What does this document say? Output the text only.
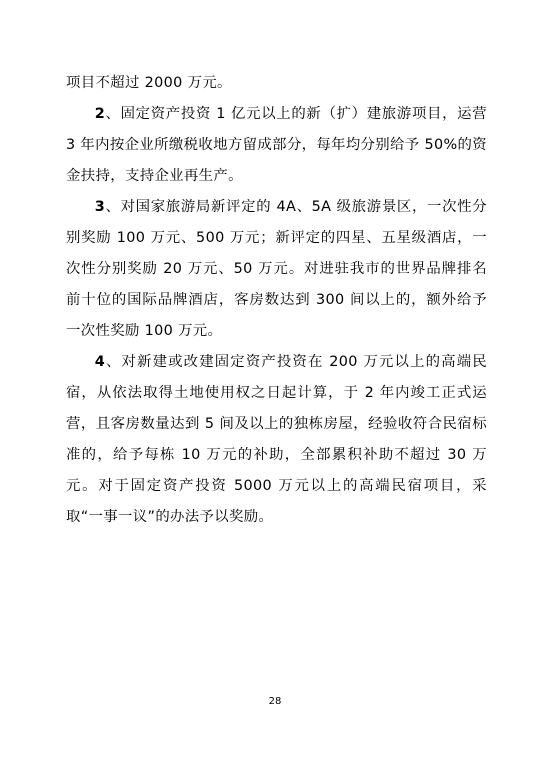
项目不超过 2000 万元。

2、固定资产投资 1 亿元以上的新（扩）建旅游项目，运营 3 年内按企业所缴税收地方留成部分，每年均分别给予 50%的资金扶持，支持企业再生产。

3、对国家旅游局新评定的 4A、5A 级旅游景区，一次性分别奖励 100 万元、500 万元；新评定的四星、五星级酒店，一次性分别奖励 20 万元、50 万元。对进驻我市的世界品牌排名前十位的国际品牌酒店，客房数达到 300 间以上的，额外给予一次性奖励 100 万元。

4、对新建或改建固定资产投资在 200 万元以上的高端民宿，从依法取得土地使用权之日起计算，于 2 年内竣工正式运营，且客房数量达到 5 间及以上的独栋房屋，经验收符合民宿标准的，给予每栋 10 万元的补助，全部累积补助不超过 30 万元。对于固定资产投资 5000 万元以上的高端民宿项目，采取“一事一议”的办法予以奖励。

28
